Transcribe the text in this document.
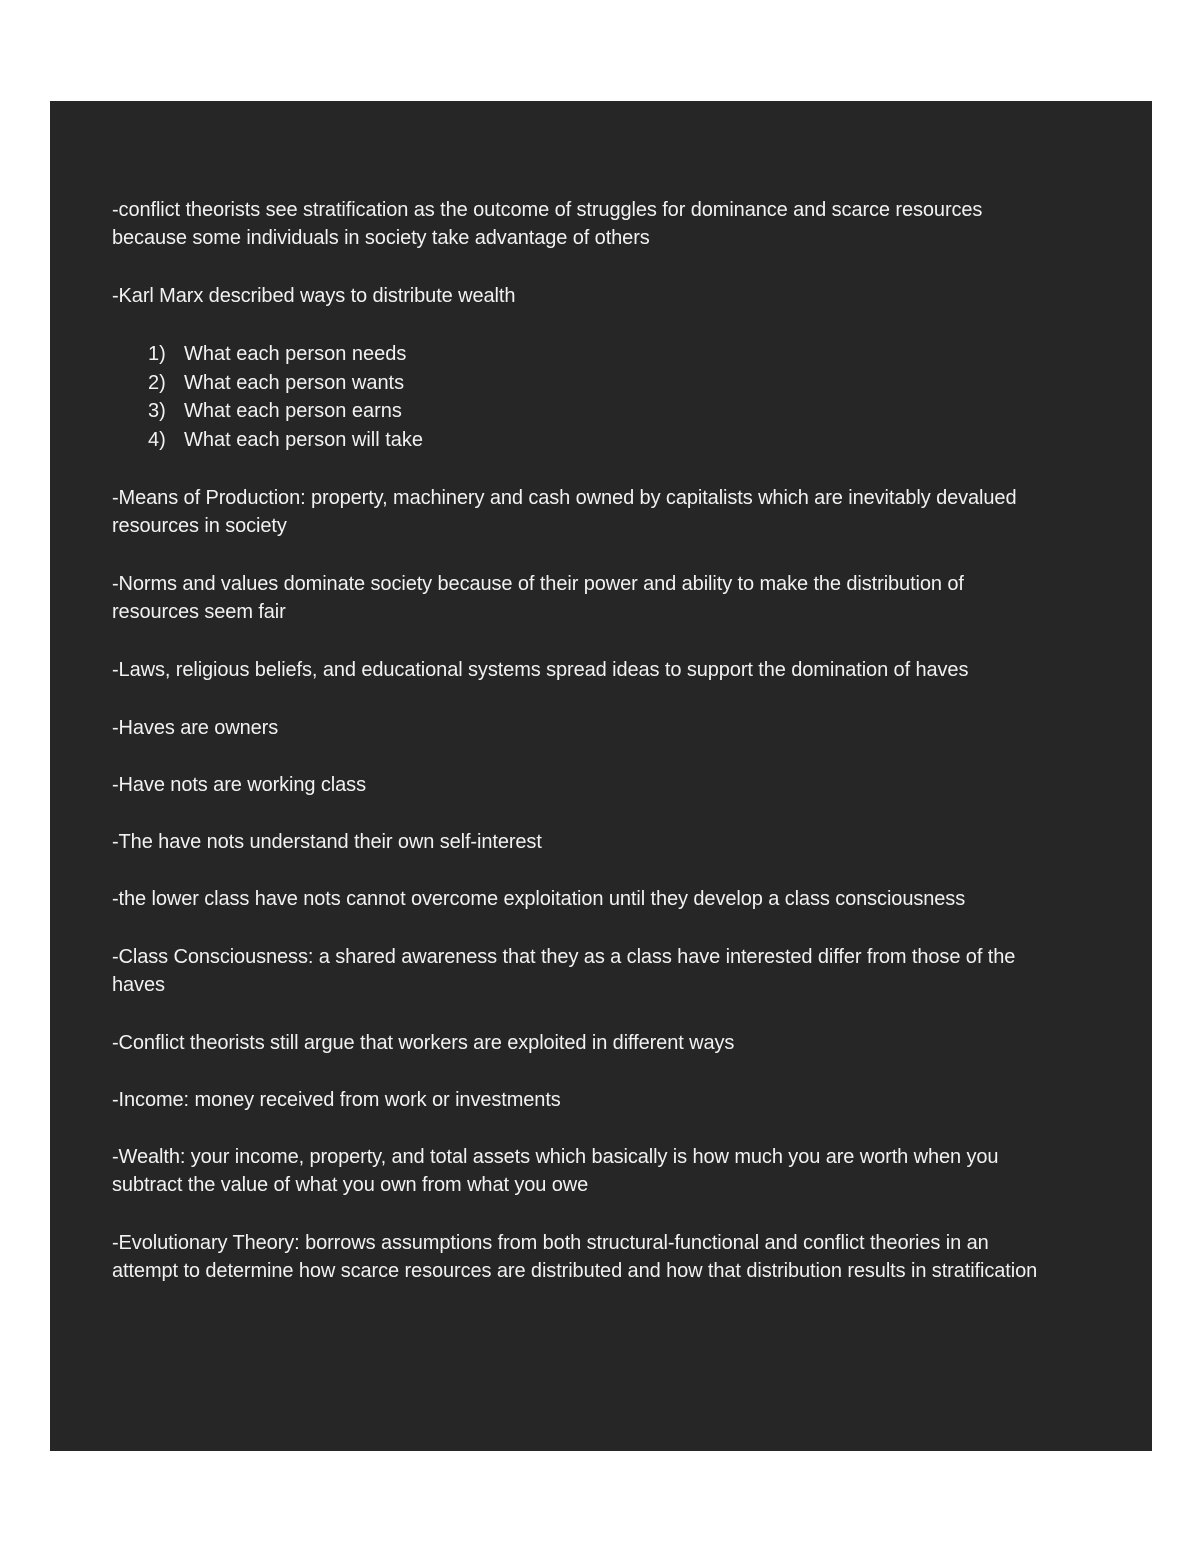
-conflict theorists see stratification as the outcome of struggles for dominance and scarce resources because some individuals in society take advantage of others

-Karl Marx described ways to distribute wealth

1) What each person needs
2) What each person wants
3) What each person earns
4) What each person will take

-Means of Production: property, machinery and cash owned by capitalists which are inevitably devalued resources in society

-Norms and values dominate society because of their power and ability to make the distribution of resources seem fair

-Laws, religious beliefs, and educational systems spread ideas to support the domination of haves

-Haves are owners

-Have nots are working class

-The have nots understand their own self-interest

-the lower class have nots cannot overcome exploitation until they develop a class consciousness

-Class Consciousness: a shared awareness that they as a class have interested differ from those of the haves

-Conflict theorists still argue that workers are exploited in different ways

-Income: money received from work or investments

-Wealth: your income, property, and total assets which basically is how much you are worth when you subtract the value of what you own from what you owe

-Evolutionary Theory: borrows assumptions from both structural-functional and conflict theories in an attempt to determine how scarce resources are distributed and how that distribution results in stratification
